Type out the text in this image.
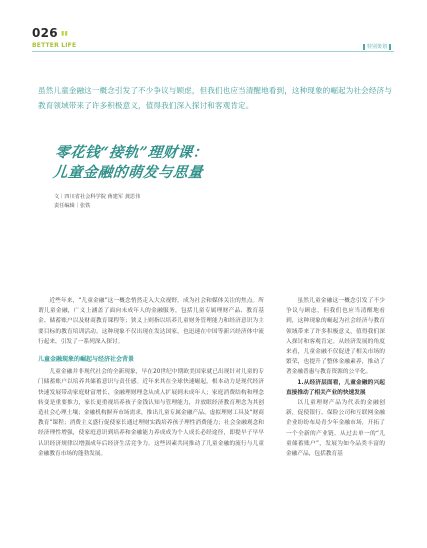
026 ▮▮
BETTER LIFE	特别策划
虽然儿童金融这一概念引发了不少争议与顾虑，但我们也应当清醒地看到，这种现象的崛起为社会经济与教育领域带来了许多积极意义，值得我们深入探讨和客观肯定。
零花钱“接轨”理财课：
儿童金融的萌发与思量
文｜四川省社会科学院 蒋建军 龚思伟
责任编辑｜张铁

近些年来，“儿童金融”这一概念悄然走入大众视野，成为社会和媒体关注的焦点。所谓儿童金融，广义上涵盖了面向未成年人的金融服务，包括儿童专属理财产品、教育基金、储蓄账户以及财商教育课程等；狭义上则指以培养儿童财务管理能力和经济意识为主要目标的教育培训活动。这种现象不仅出现在发达国家，也迅速在中国等新兴经济体中流行起来，引发了一系列深入探讨。

儿童金融现象的崛起与经济社会背景

儿童金融并非现代社会的全新现象，早在20世纪中期欧美国家就已出现针对儿童的专门储蓄账户以培养其储蓄意识与责任感。近年来其在全球快速崛起，根本动力是现代经济快速发展带动家庭财富增长、金融理财理念从成人扩展到未成年人；家庭消费结构和理念转变是重要推力，家长更重视培养孩子金钱认知与管理能力，并放眼经济教育理念为其创造社会心理土壤；金融机构摒弃市场需求，推出儿童专属金融产品、虚拟理财工具及“财商教育”课程；消费主义盛行促使家长通过理财实践培养孩子理性消费能力；社会金融观念和经济理性增强，使家庭意识到培养和金融能力养成成为个人成长必经途径，即提早子早早认识经济规律以增强成年后经济生活竞争力。这些因素共同推动了儿童金融的流行与儿童金融教育市场的蓬勃发展。

虽然儿童金融这一概念引发了不少争议与顾虑，但我们也应当清醒地看到，这种现象的崛起为社会经济与教育领域带来了许多积极意义，值得我们深入探讨和客观肯定。从经济发展的角度来看，儿童金融不仅促进了相关市场的繁荣，也提升了整体金融素养，推动了著金融普惠与教育资源的公平化。

1.从经济层面看，儿童金融的兴起直接推动了相关产业的快速发展

以儿童理财产品为代表的金融创新，促使银行、保险公司和互联网金融企业纷纷布局青少年金融市场，开拓了一个全新的产业链。从过去单一的“儿童储蓄账户”，发展为如今品类丰富的金融产品，包括教育基
